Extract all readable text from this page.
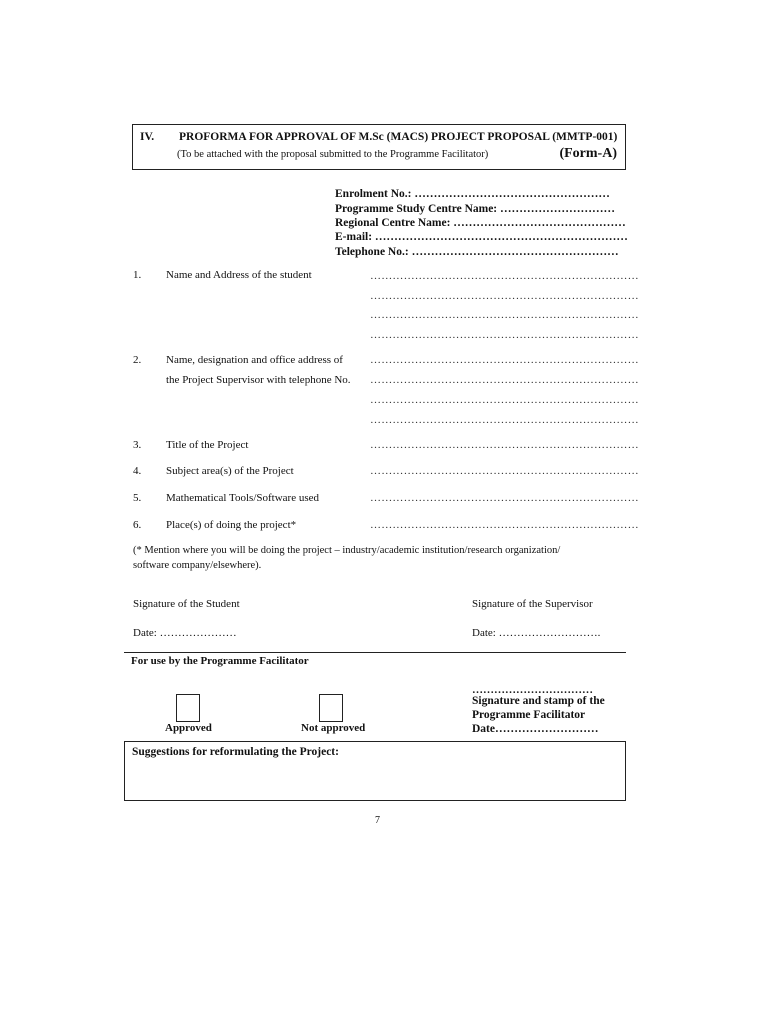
IV. PROFORMA FOR APPROVAL OF M.Sc (MACS) PROJECT PROPOSAL (MMTP-001)
(To be attached with the proposal submitted to the Programme Facilitator)	(Form-A)
Enrolment No.: ……………………………………………
Programme Study Centre Name: …………………………
Regional Centre Name: ………………………………………
E-mail: …………………………………………………………
Telephone No.: ………………………………………………
1. Name and Address of the student	………………………………………………………………
………………………………………………………………
………………………………………………………………
………………………………………………………………
2. Name, designation and office address of
the Project Supervisor with telephone No.
………………………………………………………………
………………………………………………………………
………………………………………………………………
………………………………………………………………
3. Title of the Project	………………………………………………………………
4. Subject area(s) of the Project	………………………………………………………………
5. Mathematical Tools/Software used	………………………………………………………………
6. Place(s) of doing the project*	………………………………………………………………
(* Mention where you will be doing the project – industry/academic institution/research organization/
software company/elsewhere).
Signature of the Student	Signature of the Supervisor
Date: …………………	Date: ……………………….
For use by the Programme Facilitator
Approved	Not approved
……………………………
Signature and stamp of the
Programme Facilitator
Date………………………
Suggestions for reformulating the Project:
7
